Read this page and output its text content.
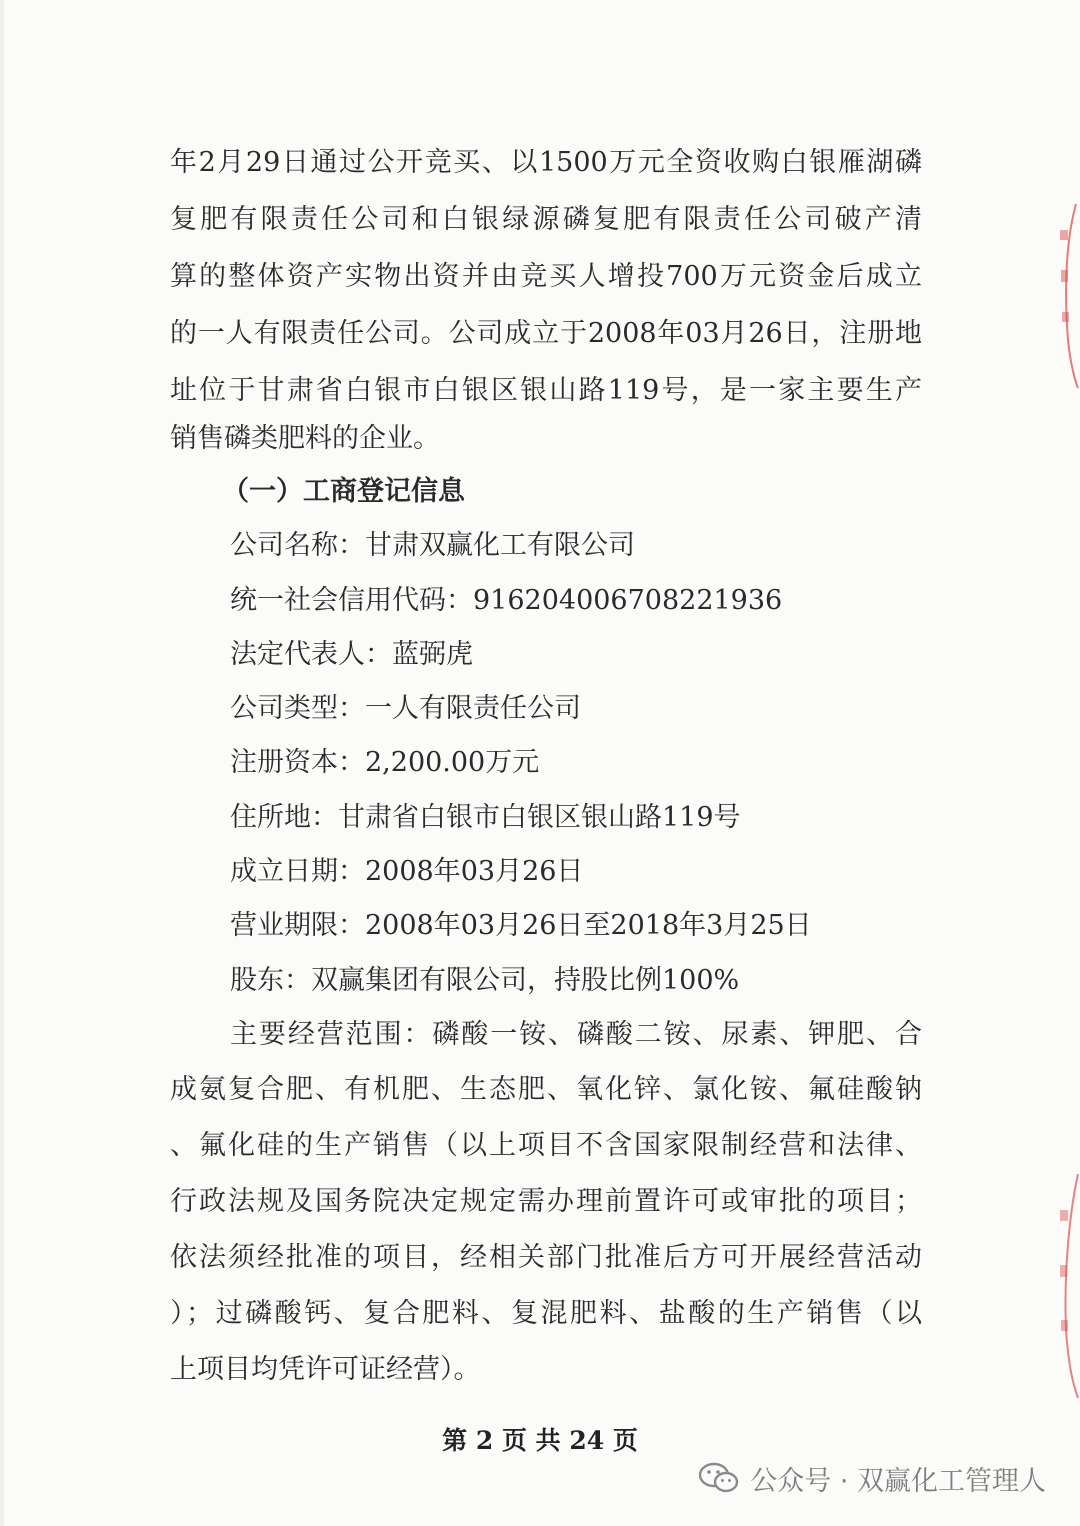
年2月29日通过公开竞买、以1500万元全资收购白银雁湖磷
复肥有限责任公司和白银绿源磷复肥有限责任公司破产清
算的整体资产实物出资并由竞买人增投700万元资金后成立
的一人有限责任公司。公司成立于2008年03月26日，注册地
址位于甘肃省白银市白银区银山路119号，是一家主要生产
销售磷类肥料的企业。
（一）工商登记信息
公司名称：甘肃双赢化工有限公司
统一社会信用代码：916204006708221936
法定代表人：蓝弼虎
公司类型：一人有限责任公司
注册资本：2,200.00万元
住所地：甘肃省白银市白银区银山路119号
成立日期：2008年03月26日
营业期限：2008年03月26日至2018年3月25日
股东：双赢集团有限公司，持股比例100%
主要经营范围：磷酸一铵、磷酸二铵、尿素、钾肥、合
成氨复合肥、有机肥、生态肥、氧化锌、氯化铵、氟硅酸钠
、氟化硅的生产销售（以上项目不含国家限制经营和法律、
行政法规及国务院决定规定需办理前置许可或审批的项目；
依法须经批准的项目，经相关部门批准后方可开展经营活动
）；过磷酸钙、复合肥料、复混肥料、盐酸的生产销售（以
上项目均凭许可证经营）。
第 2 页 共 24 页
公众号 · 双赢化工管理人
